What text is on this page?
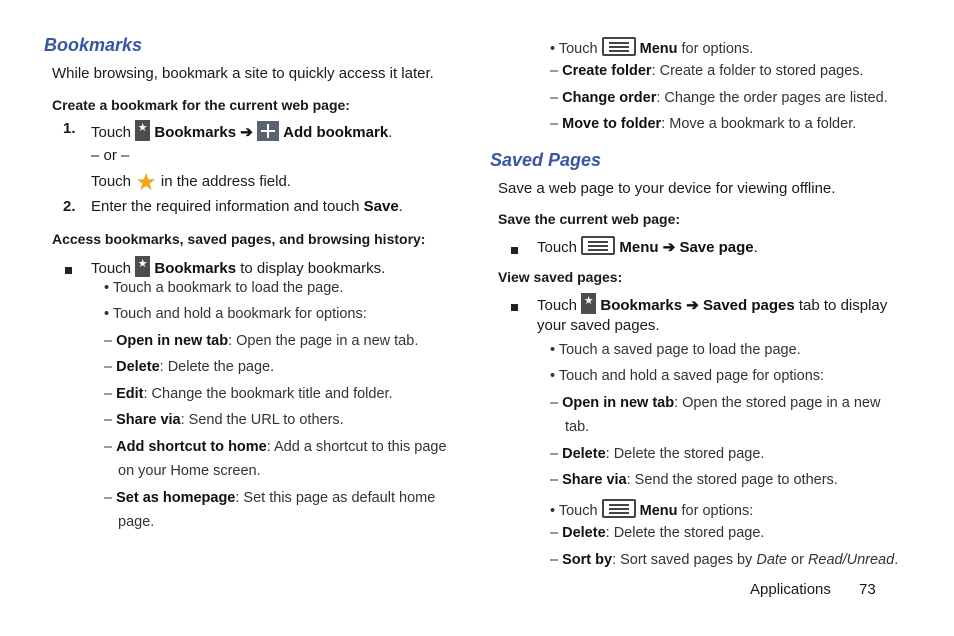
Bookmarks
While browsing, bookmark a site to quickly access it later.
Create a bookmark for the current web page:
1. Touch ★ Bookmarks ➔ Add bookmark.
– or –
Touch ★ in the address field.
2. Enter the required information and touch Save.
Access bookmarks, saved pages, and browsing history:
Touch ★ Bookmarks to display bookmarks.
• Touch a bookmark to load the page.
• Touch and hold a bookmark for options:
– Open in new tab: Open the page in a new tab.
– Delete: Delete the page.
– Edit: Change the bookmark title and folder.
– Share via: Send the URL to others.
– Add shortcut to home: Add a shortcut to this page
on your Home screen.
– Set as homepage: Set this page as default home
page.
• Touch	Menu for options.
– Create folder: Create a folder to stored pages.
– Change order: Change the order pages are listed.
– Move to folder: Move a bookmark to a folder.
Saved Pages
Save a web page to your device for viewing offline.
Save the current web page:
Touch	Menu ➔ Save page.
View saved pages:
Touch ★ Bookmarks ➔ Saved pages tab to display
your saved pages.
• Touch a saved page to load the page.
• Touch and hold a saved page for options:
– Open in new tab: Open the stored page in a new
tab.
– Delete: Delete the stored page.
– Share via: Send the stored page to others.
• Touch	Menu for options:
– Delete: Delete the stored page.
– Sort by: Sort saved pages by Date or Read/Unread.
Applications 73
